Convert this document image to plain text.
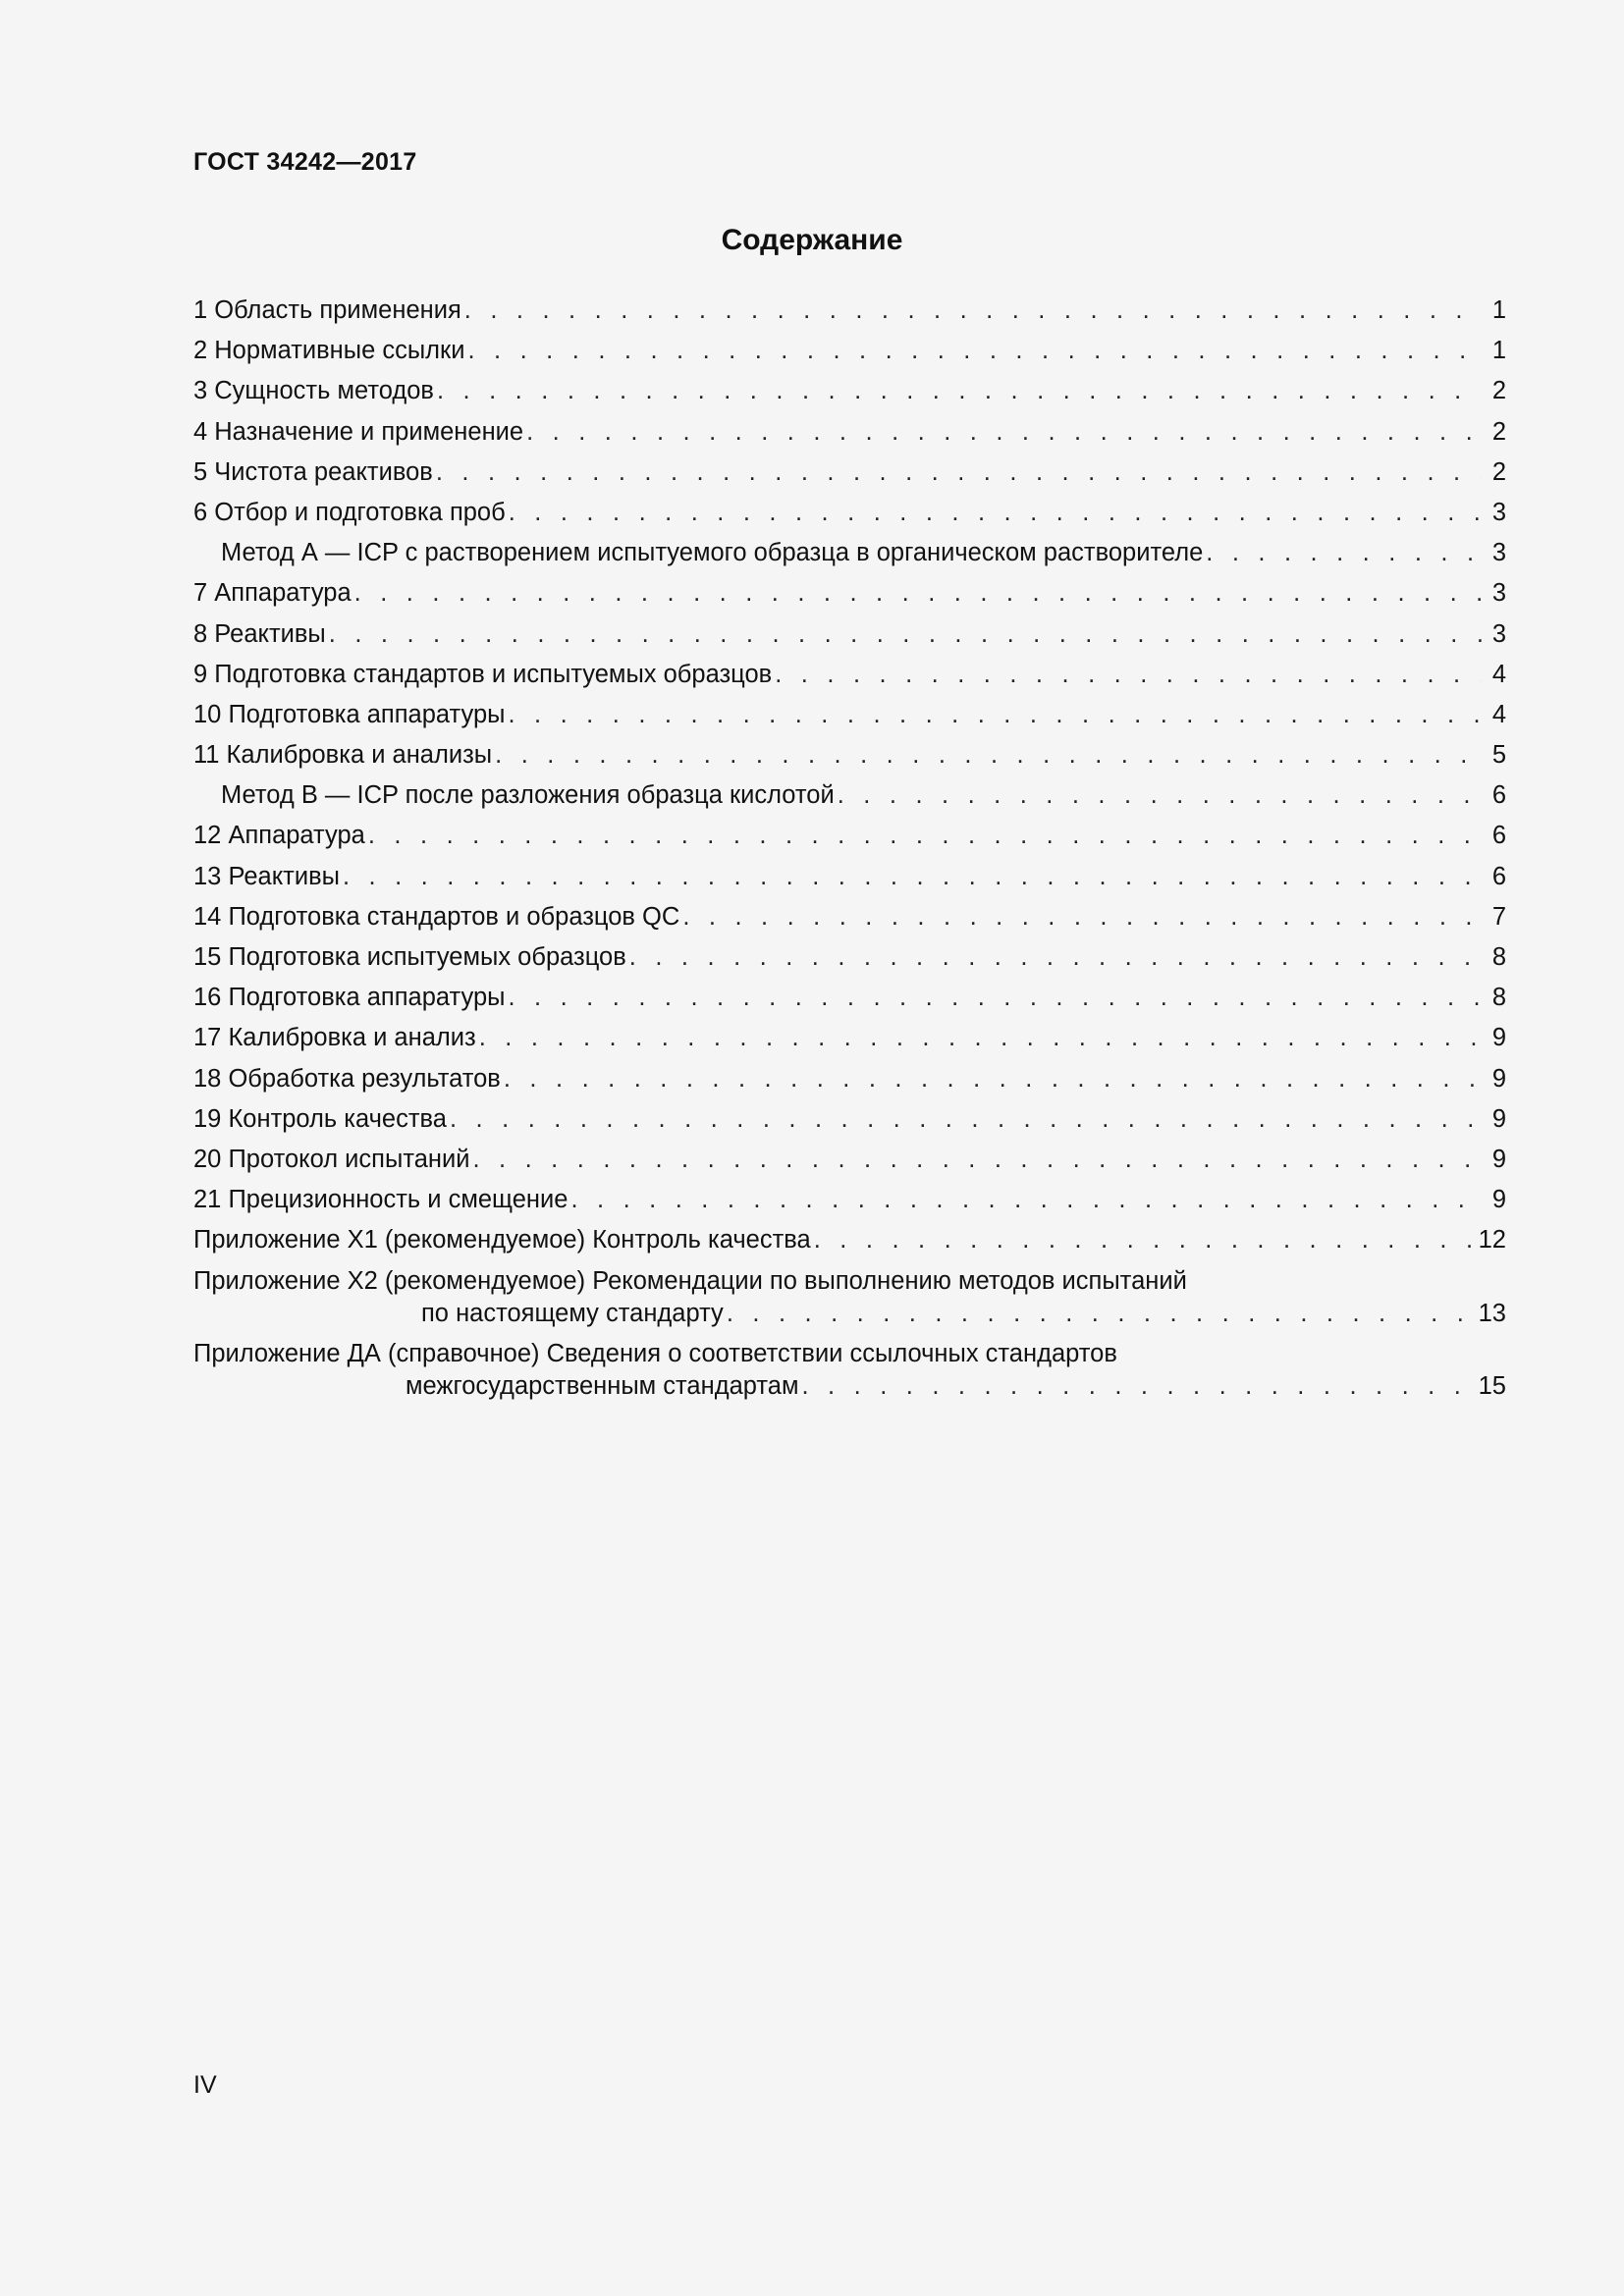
ГОСТ 34242—2017
Содержание
1 Область применения . . .	1
2 Нормативные ссылки . . .	1
3 Сущность методов . . .	2
4 Назначение и применение . . .	2
5 Чистота реактивов . . .	2
6 Отбор и подготовка проб . . .	3
Метод А — ICP с растворением испытуемого образца в органическом растворителе . . .	3
7 Аппаратура . . .	3
8 Реактивы . . .	3
9 Подготовка стандартов и испытуемых образцов . . .	4
10 Подготовка аппаратуры . . .	4
11 Калибровка и анализы . . .	5
Метод В — ICP после разложения образца кислотой . . .	6
12 Аппаратура . . .	6
13 Реактивы . . .	6
14 Подготовка стандартов и образцов QC . . .	7
15 Подготовка испытуемых образцов . . .	8
16 Подготовка аппаратуры . . .	8
17 Калибровка и анализ . . .	9
18 Обработка результатов . . .	9
19 Контроль качества . . .	9
20 Протокол испытаний . . .	9
21 Прецизионность и смещение . . .	9
Приложение Х1 (рекомендуемое) Контроль качества . . .	12
Приложение Х2 (рекомендуемое) Рекомендации по выполнению методов испытаний
по настоящему стандарту . . .	13
Приложение ДА (справочное) Сведения о соответствии ссылочных стандартов
межгосударственным стандартам . . .	15
IV
